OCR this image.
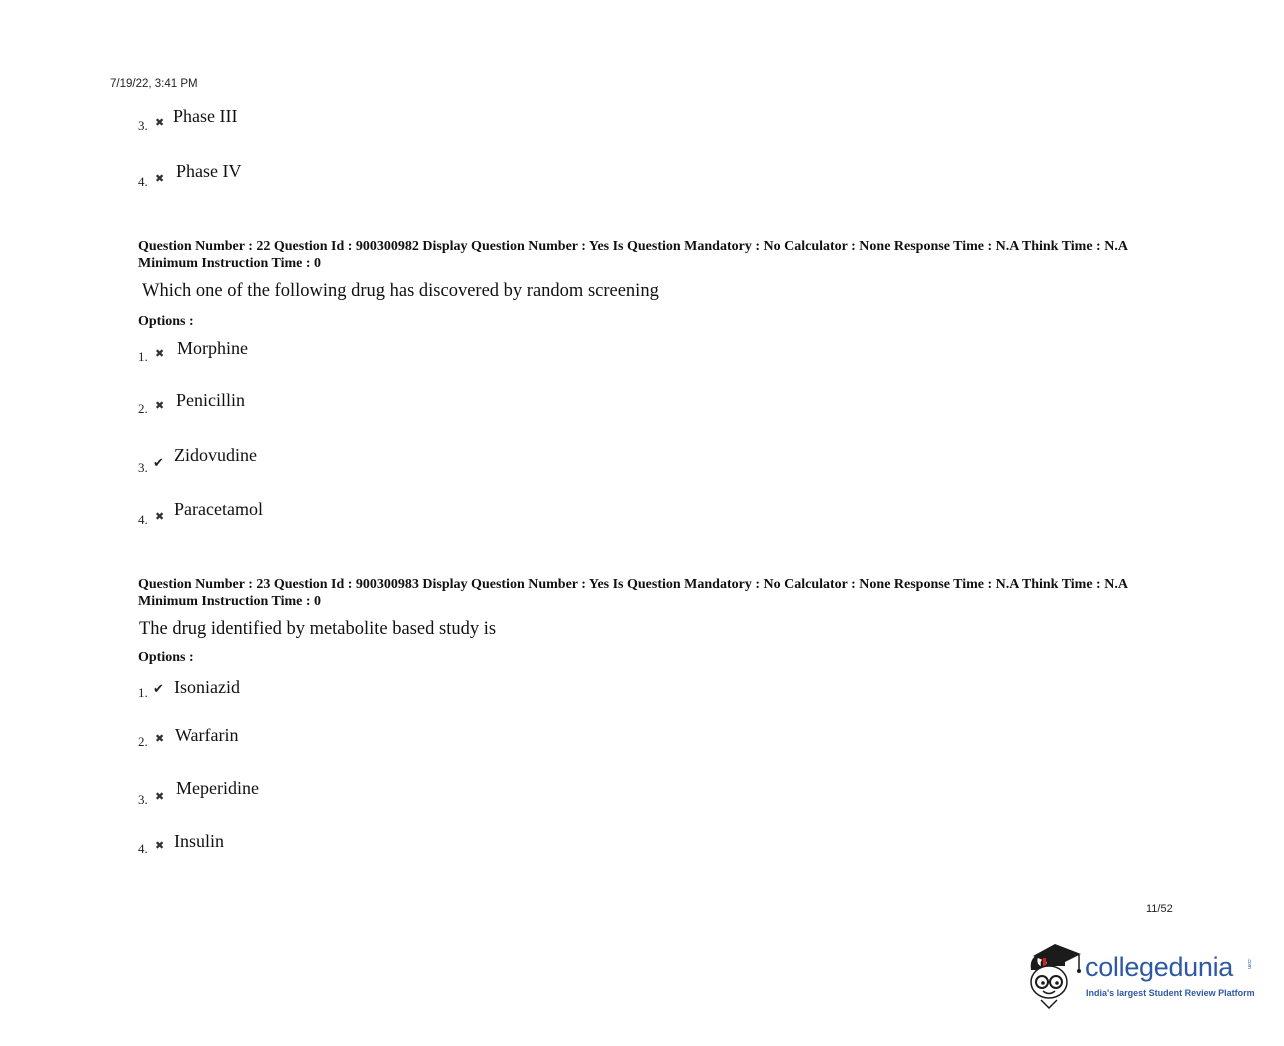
7/19/22, 3:41 PM
3. ✖ Phase III
4. ✖ Phase IV
Question Number : 22 Question Id : 900300982 Display Question Number : Yes Is Question Mandatory : No Calculator : None Response Time : N.A Think Time : N.A Minimum Instruction Time : 0
Which one of the following drug has discovered by random screening
Options :
1. ✖ Morphine
2. ✖ Penicillin
3. ✔ Zidovudine
4. ✖ Paracetamol
Question Number : 23 Question Id : 900300983 Display Question Number : Yes Is Question Mandatory : No Calculator : None Response Time : N.A Think Time : N.A Minimum Instruction Time : 0
The drug identified by metabolite based study is
Options :
1. ✔ Isoniazid
2. ✖ Warfarin
3. ✖ Meperidine
4. ✖ Insulin
11/52
collegedunia	.com
India's largest Student Review Platform
